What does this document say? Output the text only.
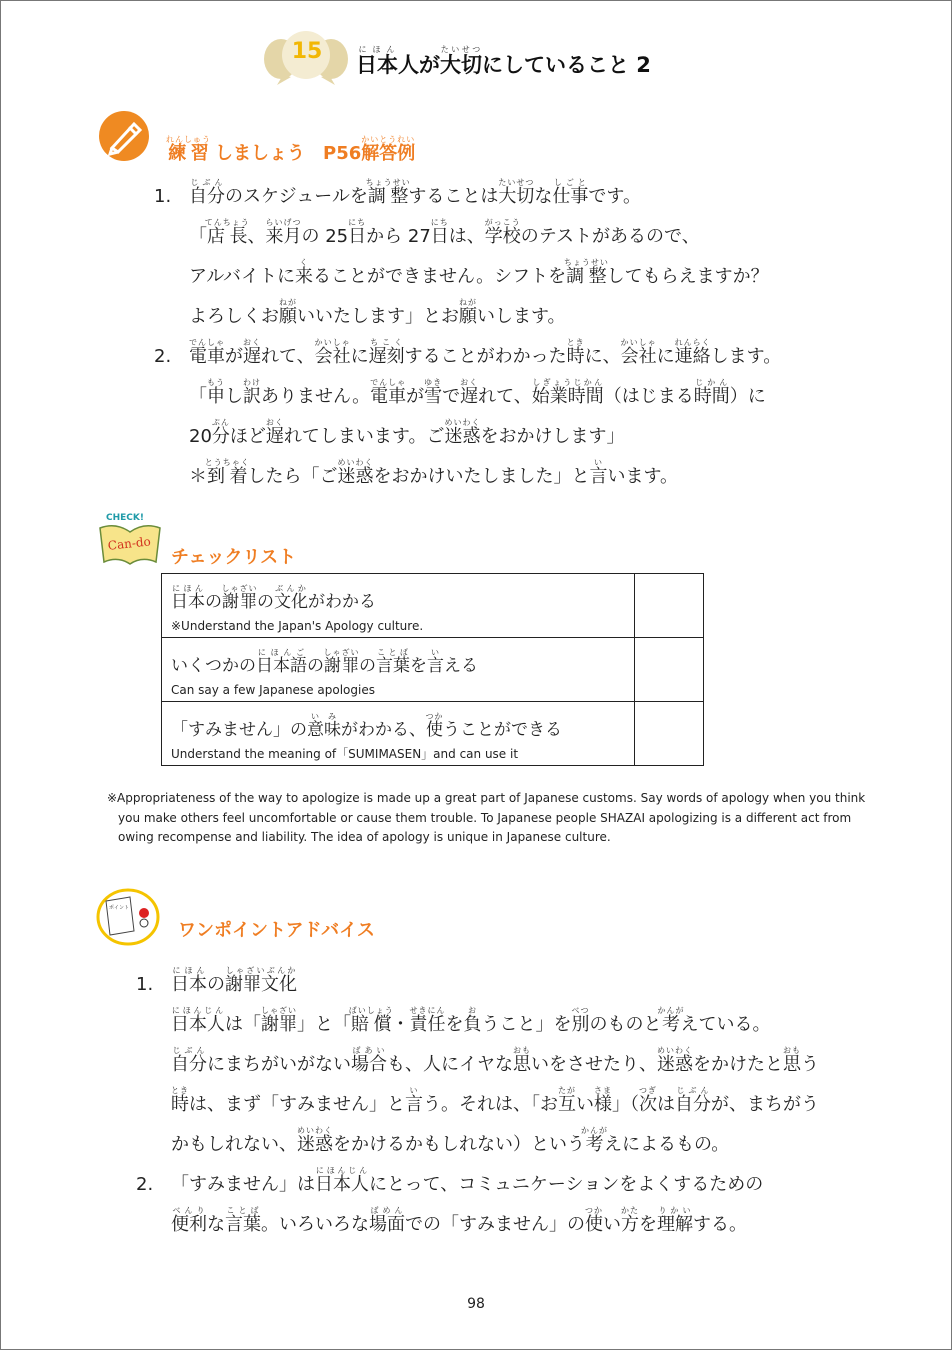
15
日本にほん人が大切たいせつにしていること 2
練習れんしゅう しましょう　P56解答例かいとうれい
1. 自分じぶんのスケジュールを調整ちょうせいすることは大切たいせつな仕事しごとです。
「店長てんちょう、来月らいげつの 25日にちから 27日にちは、学校がっこうのテストがあるので、
アルバイトに来くることができません。シフトを調整ちょうせいしてもらえますか？
よろしくお願ねがいいたします」とお願ねがいします。
2. 電車でんしゃが遅おくれて、会社かいしゃに遅刻ちこくすることがわかった時ときに、会社かいしゃに連絡れんらくします。
「申もうし訳わけありません。電車でんしゃが雪ゆきで遅おくれて、始業時間しぎょうじかん（はじまる時間じかん）に
20分ぷんほど遅おくれてしまいます。ご迷惑めいわくをおかけします」
＊到着とうちゃくしたら「ご迷惑めいわくをおかけいたしました」と言いいます。
CHECK!
Can-do
チェックリスト
日本にほんの謝罪しゃざいの文化ぶんかがわかる
※Understand the Japan's Apology culture.	

いくつかの日本語にほんごの謝罪しゃざいの言葉ことばを言いえる
Can say a few Japanese apologies	

「すみません」の意味いみがわかる、使つかうことができる
Understand the meaning of「SUMIMASEN」and can use it	

※Appropriateness of the way to apologize is made up a great part of Japanese customs. Say words of apology when you think
you make others feel uncomfortable or cause them trouble. To Japanese people SHAZAI apologizing is a different act from
owing recompense and liability. The idea of apology is unique in Japanese culture.
ポイント
ワンポイントアドバイス
1. 日本にほんの謝罪文化しゃざいぶんか
日本人にほんじんは「謝罪しゃざい」と「賠償ばいしょう・責任せきにんを負おうこと」を別べつのものと考かんがえている。
自分じぶんにまちがいがない場合ばあいも、人にイヤな思おもいをさせたり、迷惑めいわくをかけたと思おもう
時ときは、まず「すみません」と言いう。それは、「お互たがい様さま」（次つぎは自分じぶんが、まちがう
かもしれない、迷惑めいわくをかけるかもしれない）という考かんがえによるもの。
2. 「すみません」は日本人にほんじんにとって、コミュニケーションをよくするための
便利べんりな言葉ことば。いろいろな場面ばめんでの「すみません」の使つかい方かたを理解りかいする。
98
